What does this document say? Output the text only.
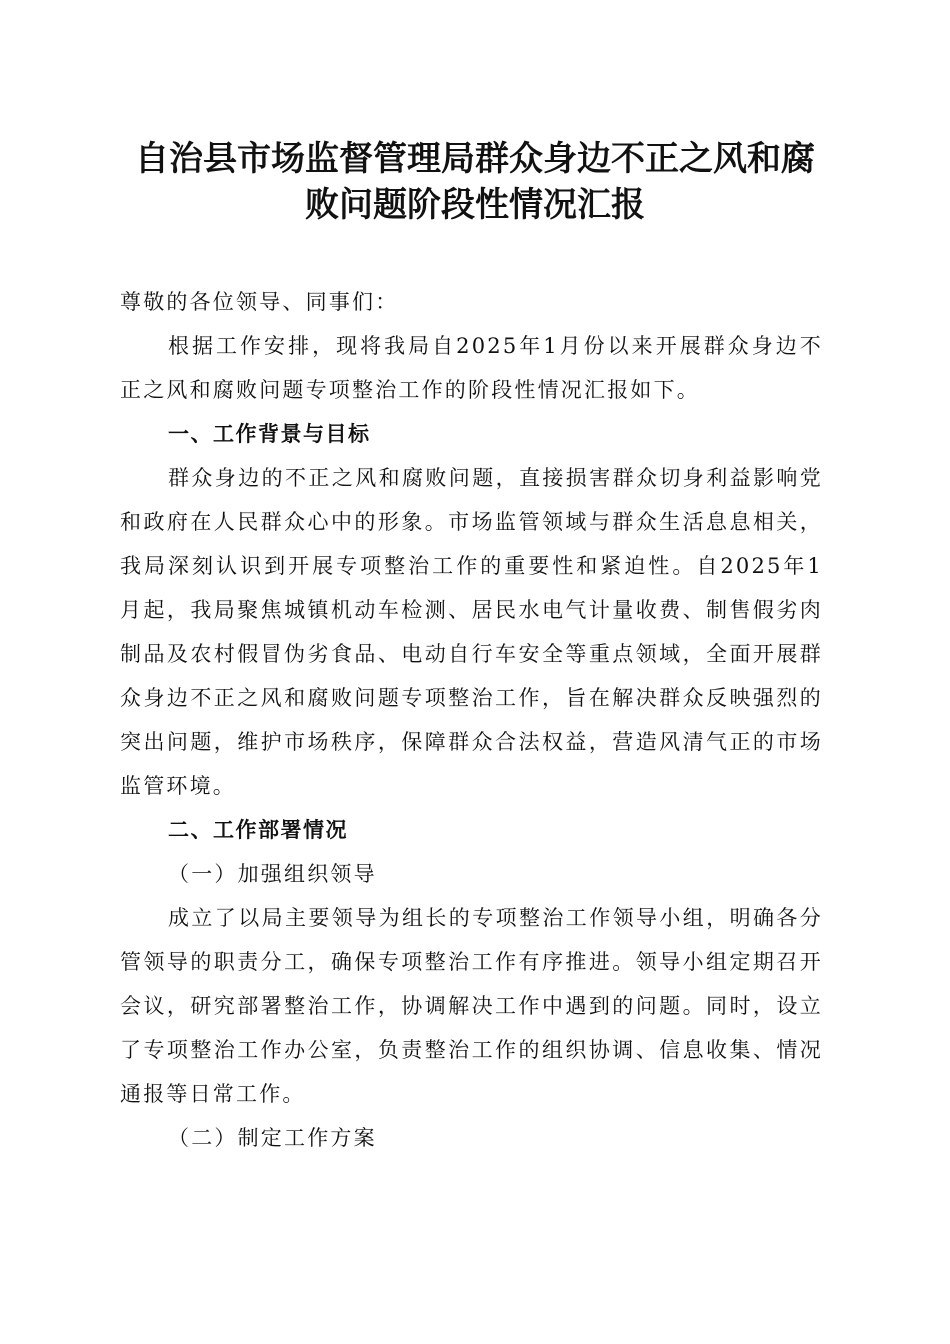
自治县市场监督管理局群众身边不正之风和腐
败问题阶段性情况汇报
尊敬的各位领导、同事们：

根据工作安排，现将我局自2025年1月份以来开展群众身边不正之风和腐败问题专项整治工作的阶段性情况汇报如下。

一、工作背景与目标

群众身边的不正之风和腐败问题，直接损害群众切身利益影响党和政府在人民群众心中的形象。市场监管领域与群众生活息息相关，我局深刻认识到开展专项整治工作的重要性和紧迫性。自2025年1月起，我局聚焦城镇机动车检测、居民水电气计量收费、制售假劣肉制品及农村假冒伪劣食品、电动自行车安全等重点领域，全面开展群众身边不正之风和腐败问题专项整治工作，旨在解决群众反映强烈的突出问题，维护市场秩序，保障群众合法权益，营造风清气正的市场监管环境。

二、工作部署情况
（一）加强组织领导

成立了以局主要领导为组长的专项整治工作领导小组，明确各分管领导的职责分工，确保专项整治工作有序推进。领导小组定期召开会议，研究部署整治工作，协调解决工作中遇到的问题。同时，设立了专项整治工作办公室，负责整治工作的组织协调、信息收集、情况通报等日常工作。

（二）制定工作方案
